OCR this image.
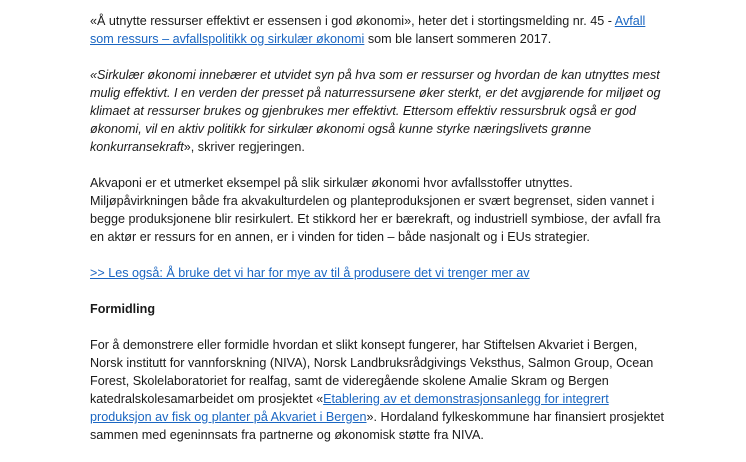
«Å utnytte ressurser effektivt er essensen i god økonomi», heter det i stortingsmelding nr. 45 - Avfall som ressurs – avfallspolitikk og sirkulær økonomi som ble lansert sommeren 2017.

«Sirkulær økonomi innebærer et utvidet syn på hva som er ressurser og hvordan de kan utnyttes mest mulig effektivt. I en verden der presset på naturressursene øker sterkt, er det avgjørende for miljøet og klimaet at ressurser brukes og gjenbrukes mer effektivt. Ettersom effektiv ressursbruk også er god økonomi, vil en aktiv politikk for sirkulær økonomi også kunne styrke næringslivets grønne konkurransekraft», skriver regjeringen.

Akvaponi er et utmerket eksempel på slik sirkulær økonomi hvor avfallsstoffer utnyttes. Miljøpåvirkningen både fra akvakulturdelen og planteproduksjonen er svært begrenset, siden vannet i begge produksjonene blir resirkulert. Et stikkord her er bærekraft, og industriell symbiose, der avfall fra en aktør er ressurs for en annen, er i vinden for tiden – både nasjonalt og i EUs strategier.

>> Les også: Å bruke det vi har for mye av til å produsere det vi trenger mer av

Formidling

For å demonstrere eller formidle hvordan et slikt konsept fungerer, har Stiftelsen Akvariet i Bergen, Norsk institutt for vannforskning (NIVA), Norsk Landbruksrådgivings Veksthus, Salmon Group, Ocean Forest, Skolelaboratoriet for realfag, samt de videregående skolene Amalie Skram og Bergen katedralskolesamarbeidet om prosjektet «Etablering av et demonstrasjonsanlegg for integrert produksjon av fisk og planter på Akvariet i Bergen». Hordaland fylkeskommune har finansiert prosjektet sammen med egeninnsats fra partnerne og økonomisk støtte fra NIVA.
